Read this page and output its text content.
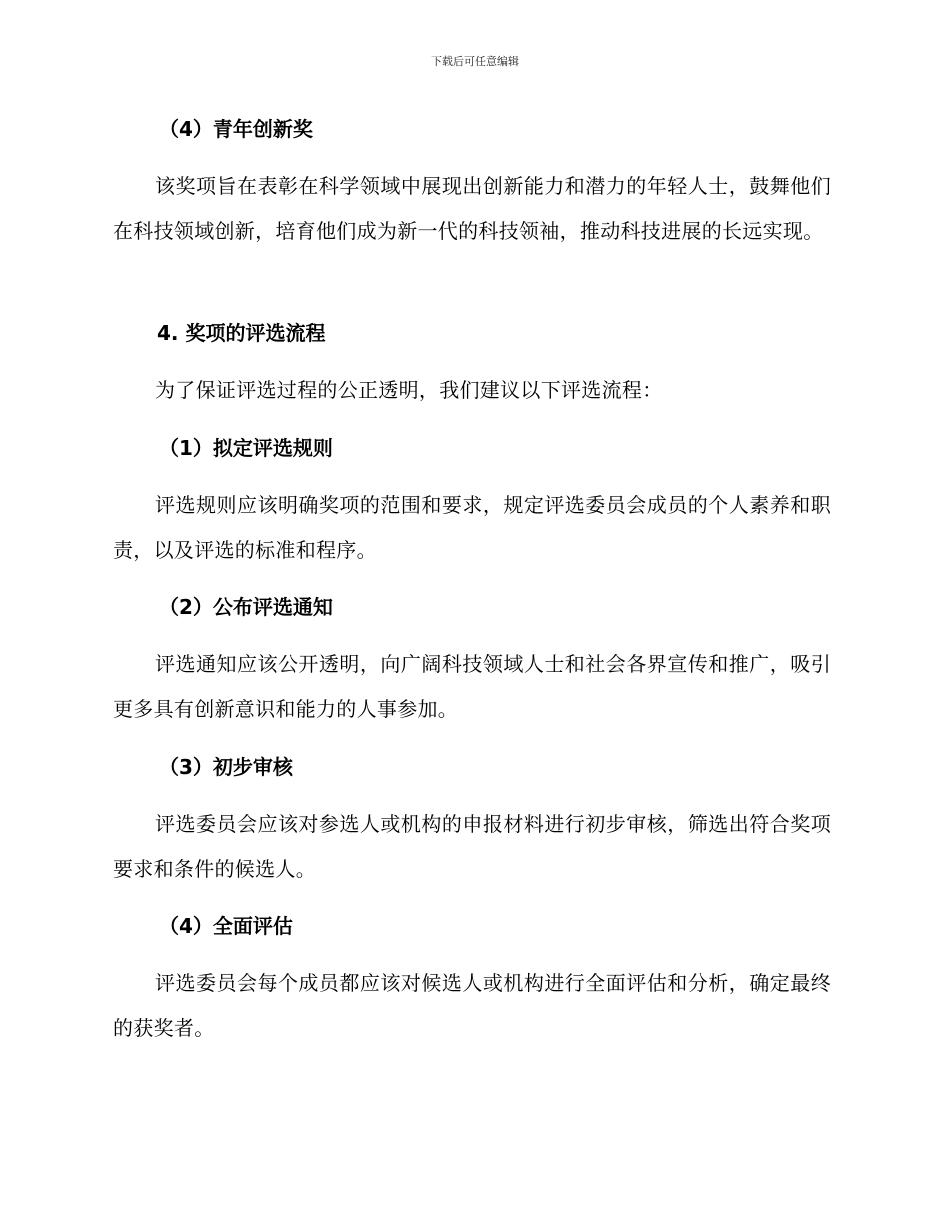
下载后可任意编辑
（4）青年创新奖
该奖项旨在表彰在科学领域中展现出创新能力和潜力的年轻人士，鼓舞他们在科技领域创新，培育他们成为新一代的科技领袖，推动科技进展的长远实现。
4. 奖项的评选流程
为了保证评选过程的公正透明，我们建议以下评选流程：
（1）拟定评选规则
评选规则应该明确奖项的范围和要求，规定评选委员会成员的个人素养和职责，以及评选的标准和程序。
（2）公布评选通知
评选通知应该公开透明，向广阔科技领域人士和社会各界宣传和推广，吸引更多具有创新意识和能力的人事参加。
（3）初步审核
评选委员会应该对参选人或机构的申报材料进行初步审核，筛选出符合奖项要求和条件的候选人。
（4）全面评估
评选委员会每个成员都应该对候选人或机构进行全面评估和分析，确定最终的获奖者。
